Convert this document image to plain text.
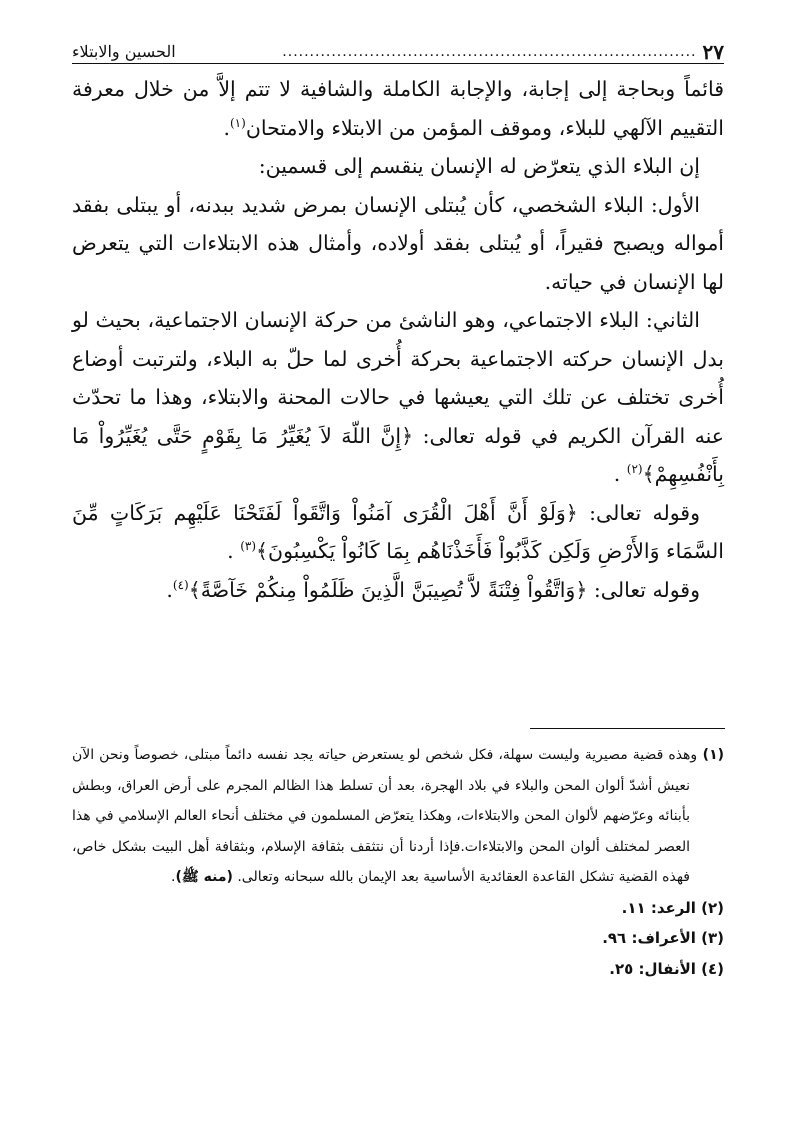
٢٧
............................................................................
الحسين والابتلاء

قائماً وبحاجة إلى إجابة، والإجابة الكاملة والشافية لا تتم إلاَّ من خلال معرفة التقييم الآلهي للبلاء، وموقف المؤمن من الابتلاء والامتحان$^{(١)}$.

إن البلاء الذي يتعرّض له الإنسان ينقسم إلى قسمين:

الأول: البلاء الشخصي، كأن يُبتلى الإنسان بمرض شديد ببدنه، أو يبتلى بفقد أمواله ويصبح فقيراً، أو يُبتلى بفقد أولاده، وأمثال هذه الابتلاءات التي يتعرض لها الإنسان في حياته.

الثاني: البلاء الاجتماعي، وهو الناشئ من حركة الإنسان الاجتماعية، بحيث لو بدل الإنسان حركته الاجتماعية بحركة أُخرى لما حلّ به البلاء، ولترتبت أوضاع أُخرى تختلف عن تلك التي يعيشها في حالات المحنة والابتلاء، وهذا ما تحدّث عنه القرآن الكريم في قوله تعالى: ﴿إِنَّ اللّهَ لاَ يُغَيِّرُ مَا بِقَوْمٍ حَتَّى يُغَيِّرُواْ مَا بِأَنْفُسِهِمْ﴾$^{(٢)}$ .

وقوله تعالى: ﴿وَلَوْ أَنَّ أَهْلَ الْقُرَى آمَنُواْ وَاتَّقَواْ لَفَتَحْنَا عَلَيْهِم بَرَكَاتٍ مِّنَ السَّمَاء وَالأَرْضِ وَلَكِن كَذَّبُواْ فَأَخَذْنَاهُم بِمَا كَانُواْ يَكْسِبُونَ﴾$^{(٣)}$ .

وقوله تعالى: ﴿وَاتَّقُواْ فِتْنَةً لاَّ تُصِيبَنَّ الَّذِينَ ظَلَمُواْ مِنكُمْ خَآصَّةً﴾$^{(٤)}$.

(١) وهذه قضية مصيرية وليست سهلة، فكل شخص لو يستعرض حياته يجد نفسه دائماً مبتلى، خصوصاً ونحن الآن نعيش أشدّ ألوان المحن والبلاء في بلاد الهجرة، بعد أن تسلط هذا الظالم المجرم على أرض العراق، وبطش بأبنائه وعرّضهم لألوان المحن والابتلاءات، وهكذا يتعرّض المسلمون في مختلف أنحاء العالم الإسلامي في هذا العصر لمختلف ألوان المحن والابتلاءات.فإذا أردنا أن نتثقف بثقافة الإسلام، وبثقافة أهل البيت بشكل خاص، فهذه القضية تشكل القاعدة العقائدية الأساسية بعد الإيمان بالله سبحانه وتعالى. (منه ﷺ).

(٢) الرعد: ١١.

(٣) الأعراف: ٩٦.

(٤) الأنفال: ٢٥.
